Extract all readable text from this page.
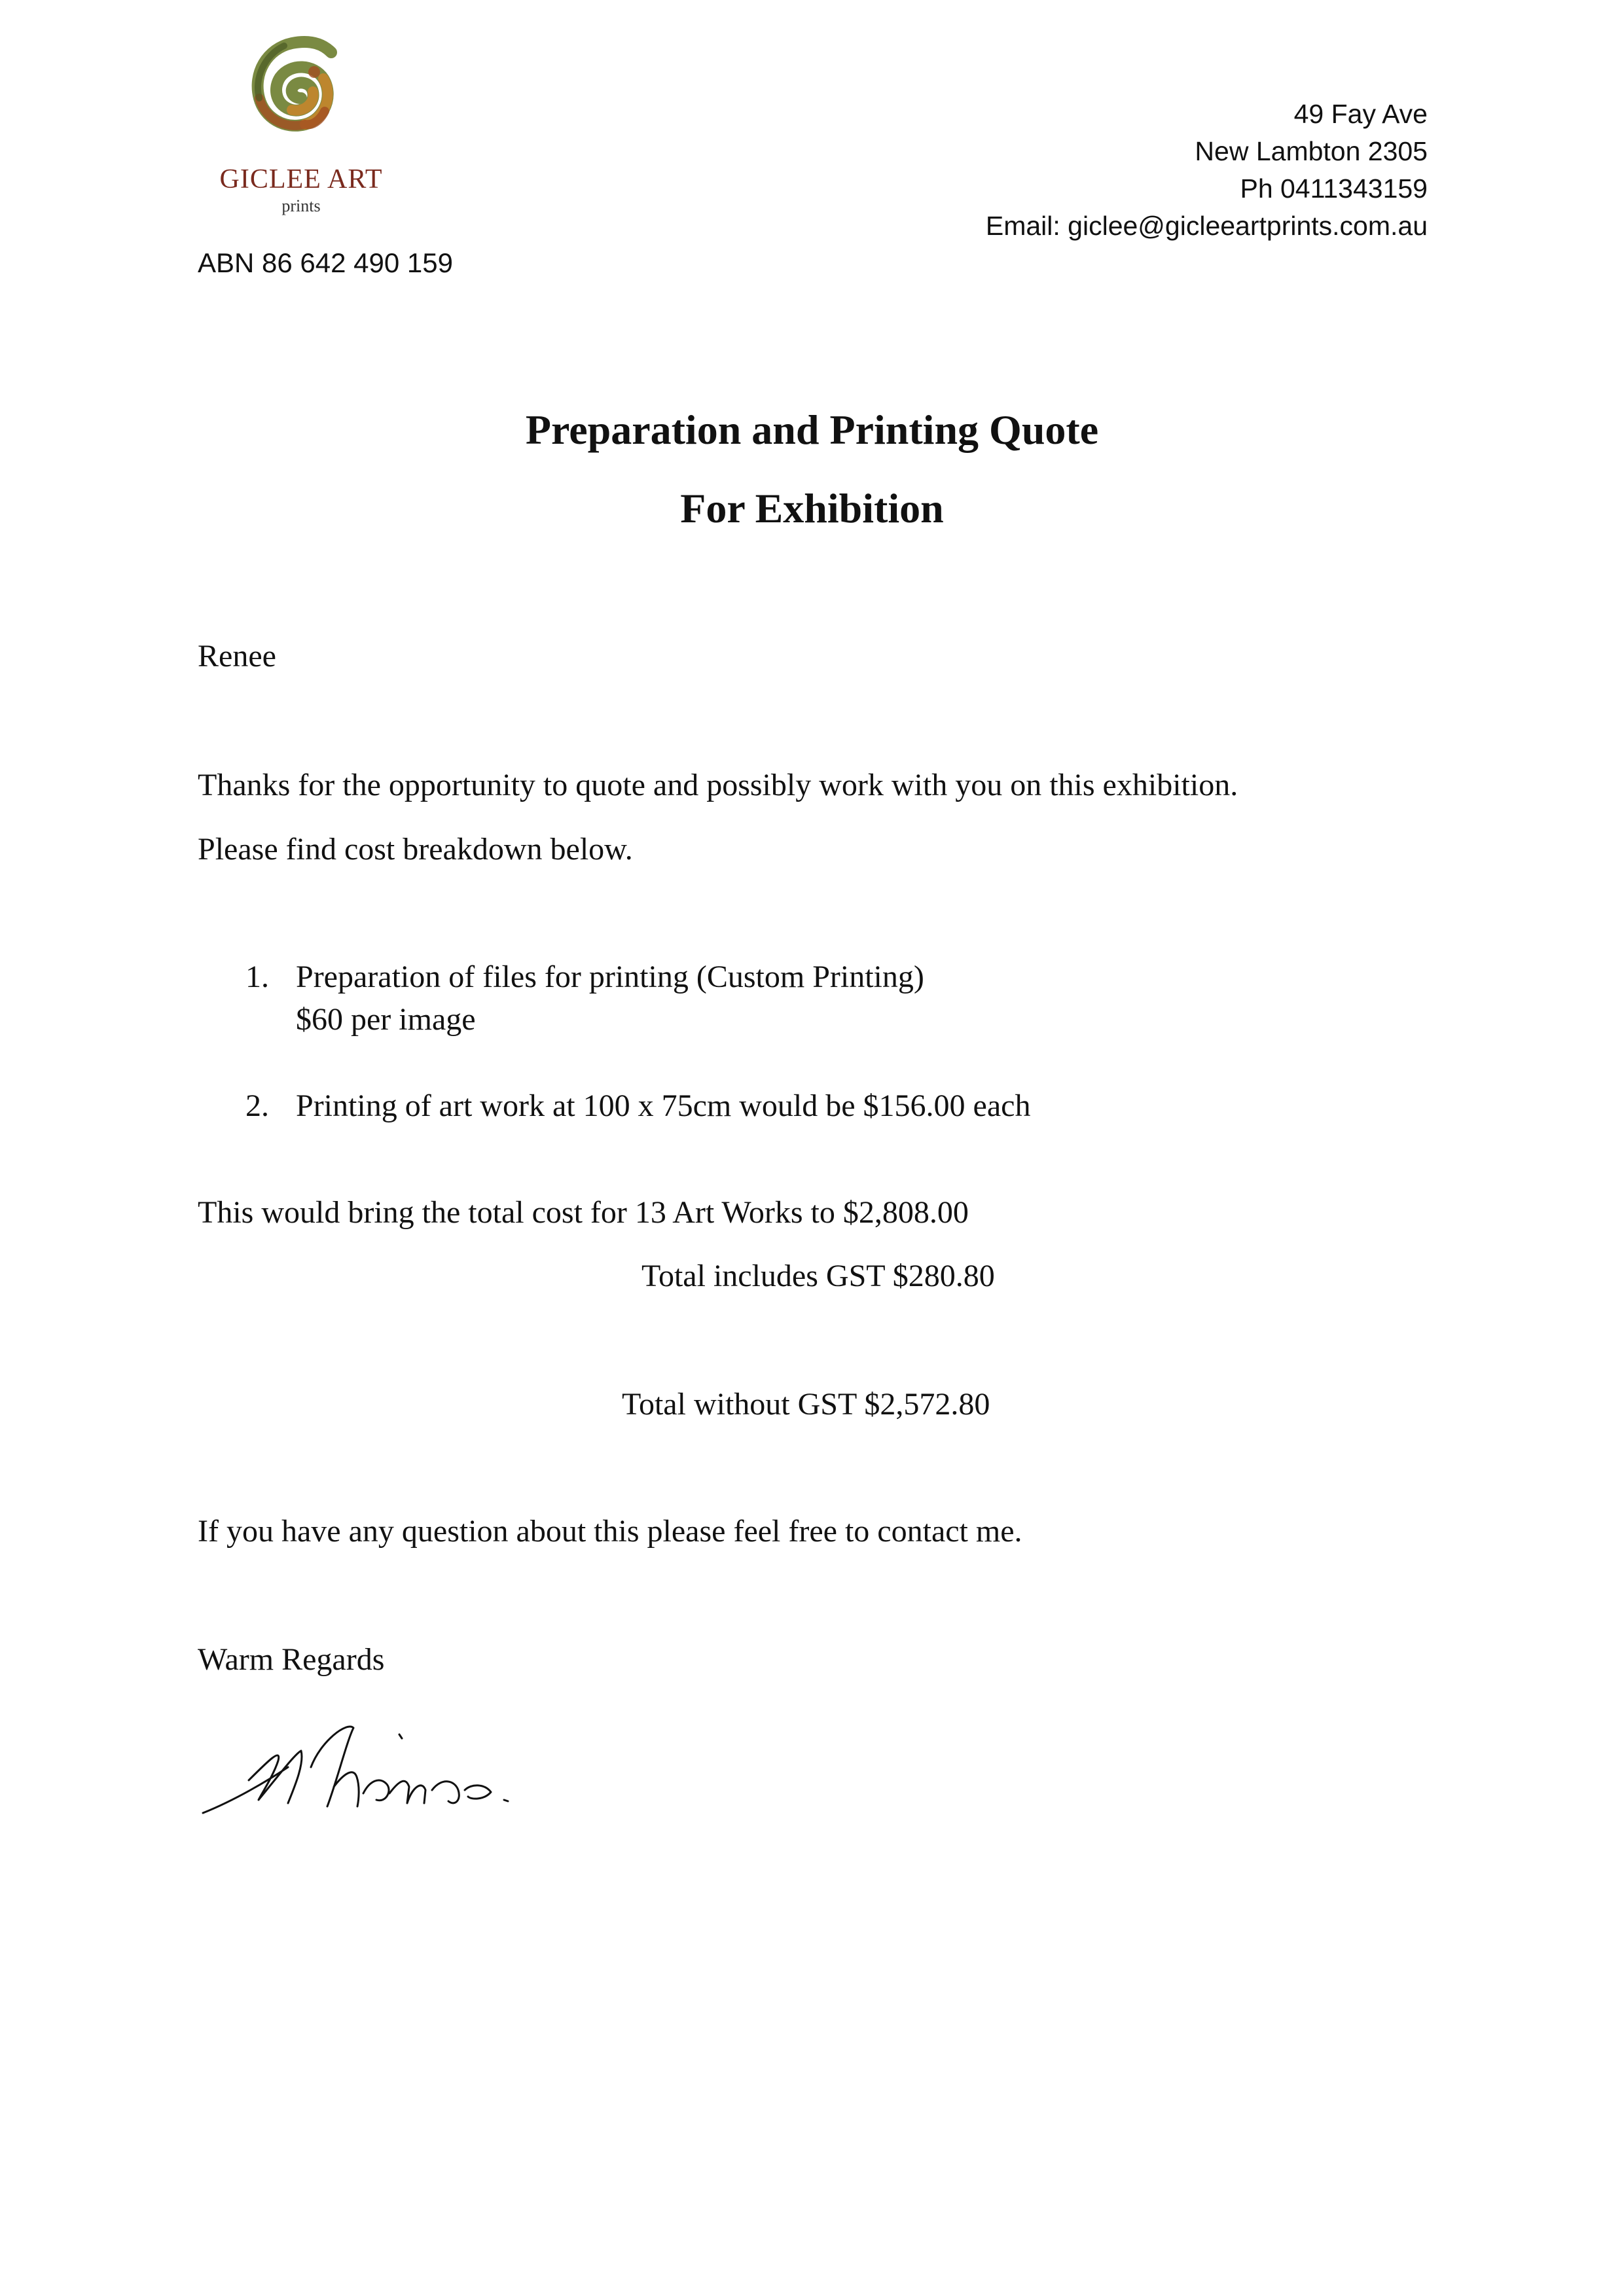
GICLEE ART
prints
ABN 86 642 490 159
49 Fay Ave
New Lambton 2305
Ph 0411343159
Email: giclee@gicleeartprints.com.au
Preparation and Printing Quote
For Exhibition
Renee
Thanks for the opportunity to quote and possibly work with you on this exhibition.
Please find cost breakdown below.
1. Preparation of files for printing (Custom Printing)
$60 per image
2. Printing of art work at 100 x 75cm would be $156.00 each
This would bring the total cost for 13 Art Works to $2,808.00
Total includes GST $280.80
Total without GST $2,572.80
If you have any question about this please feel free to contact me.
Warm Regards
